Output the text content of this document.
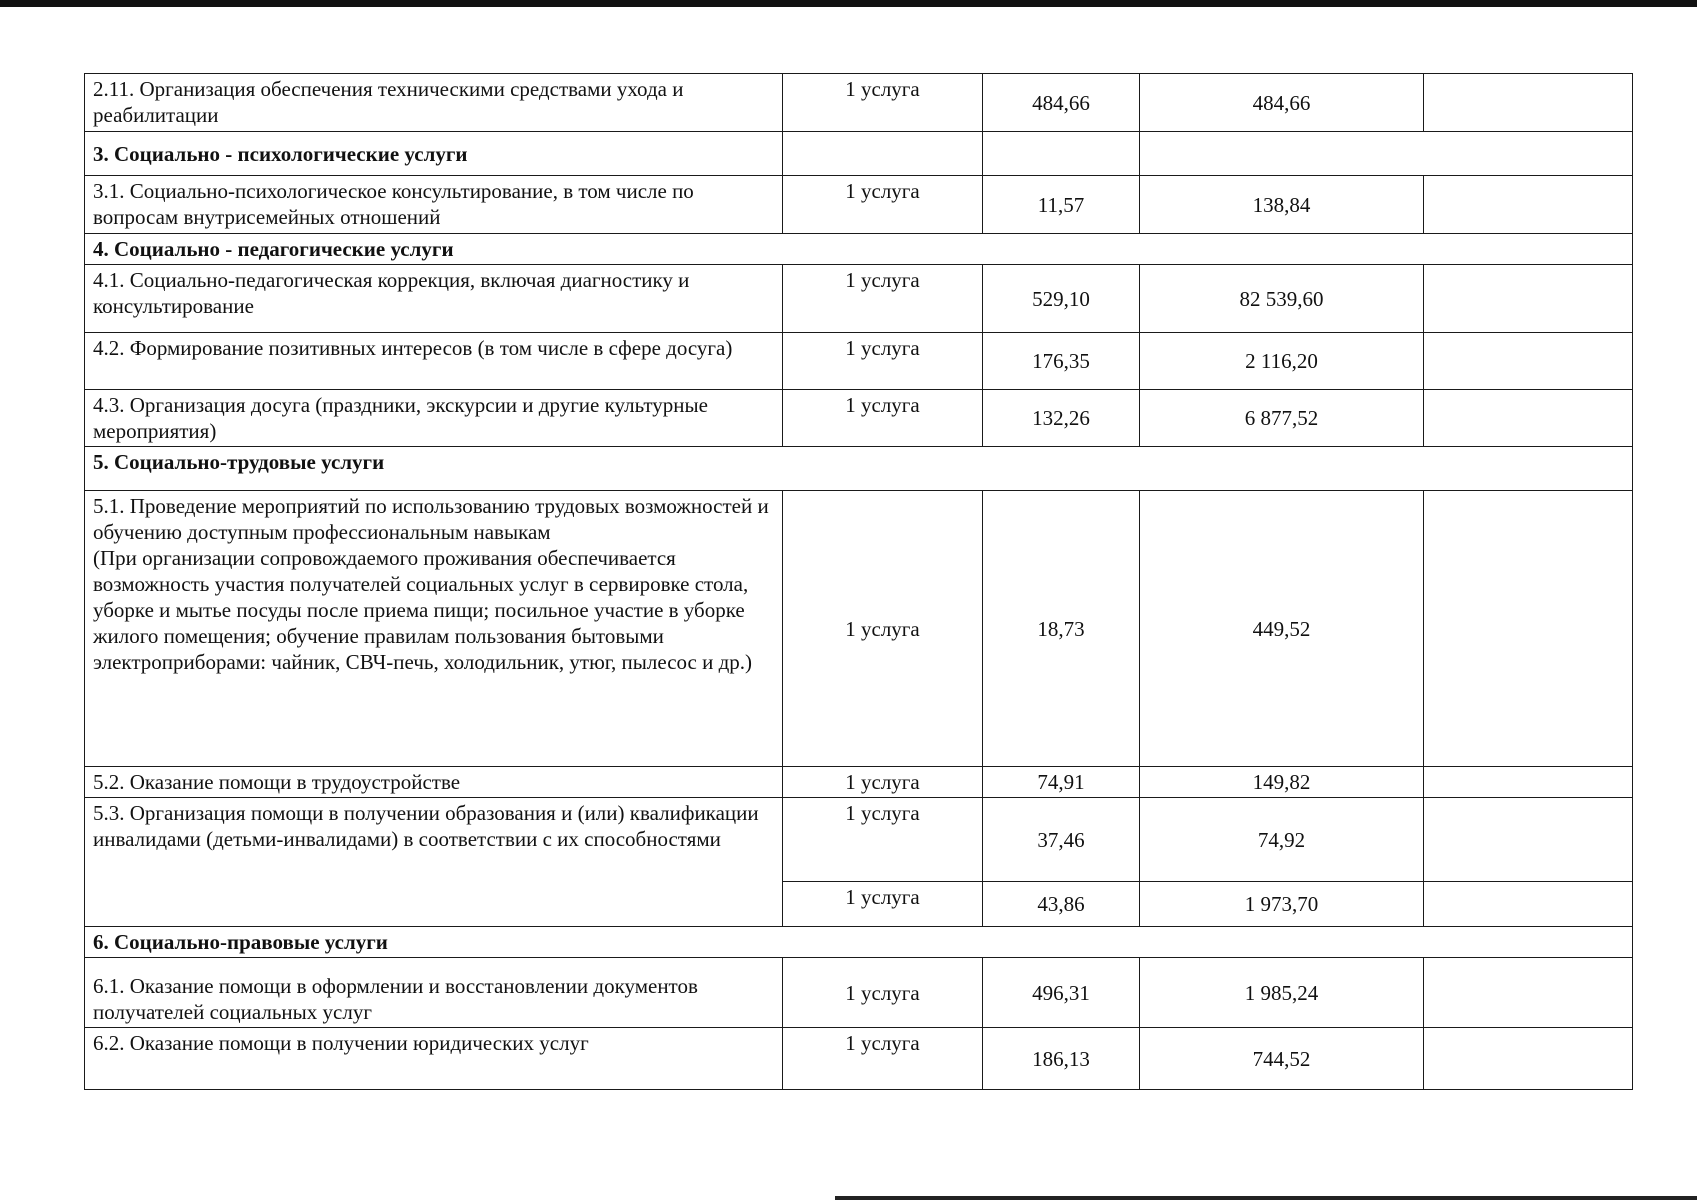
2.11. Организация обеспечения техническими средствами ухода и реабилитации	1 услуга	484,66	484,66	
3. Социально - психологические услуги				
3.1. Социально-психологическое консультирование, в том числе по вопросам внутрисемейных отношений	1 услуга	11,57	138,84	
4. Социально - педагогические услуги				
4.1. Социально-педагогическая коррекция, включая диагностику и консультирование	1 услуга	529,10	82 539,60	
4.2. Формирование позитивных интересов (в том числе в сфере досуга)	1 услуга	176,35	2 116,20	
4.3. Организация досуга (праздники, экскурсии и другие культурные мероприятия)	1 услуга	132,26	6 877,52	
5. Социально-трудовые услуги				

5.1. Проведение мероприятий по использованию трудовых возможностей и обучению доступным профессиональным навыкам
(При организации сопровождаемого проживания обеспечивается возможность участия получателей социальных услуг в сервировке стола, уборке и мытье посуды после приема пищи; посильное участие в уборке жилого помещения; обучение правилам пользования бытовыми электроприборами: чайник, СВЧ-печь, холодильник, утюг, пылесос и др.)	1 услуга	18,73	449,52	
5.2. Оказание помощи в трудоустройстве	1 услуга	74,91	149,82	
5.3. Организация помощи в получении образования и (или) квалификации инвалидами (детьми-инвалидами) в соответствии с их способностями	1 услуга	37,46	74,92	
	1 услуга	43,86	1 973,70	
6. Социально-правовые услуги				
6.1. Оказание помощи в оформлении и восстановлении документов получателей социальных услуг	1 услуга	496,31	1 985,24	
6.2. Оказание помощи в получении юридических услуг	1 услуга	186,13	744,52	
